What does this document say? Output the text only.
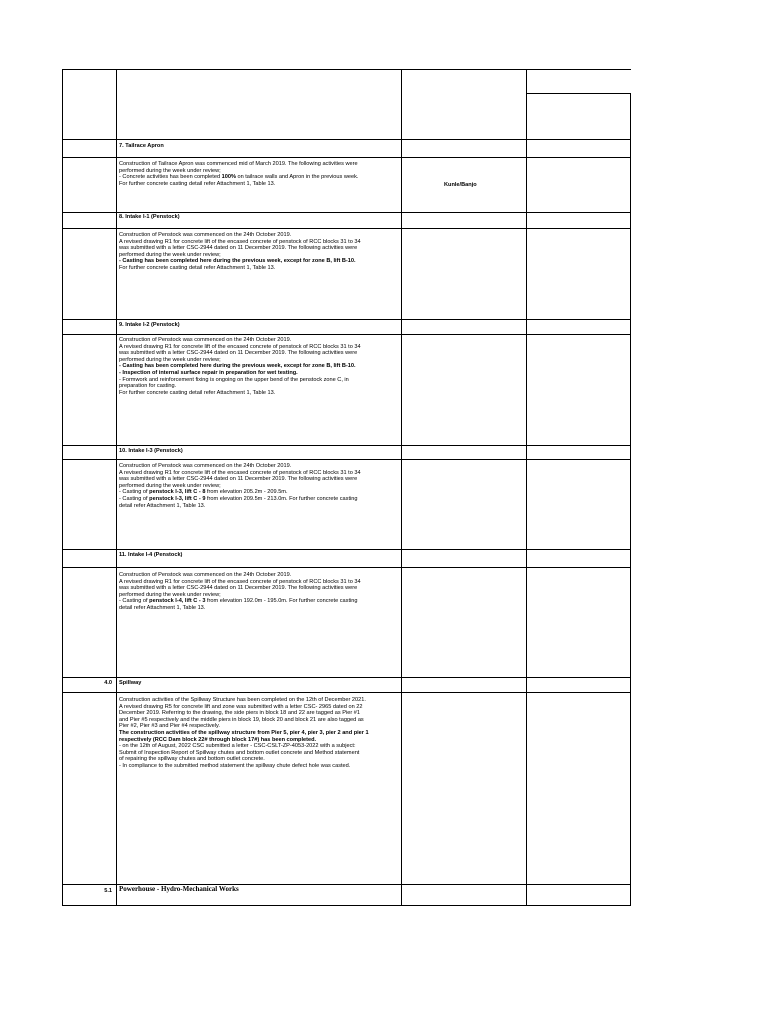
7. Tailrace Apron
Construction of Tailrace Apron was commenced mid of March 2019. The following activities were
performed during the week under review;
- Concrete activities has been completed 100% on tailrace walls and Apron in the previous week.
For further concrete casting detail refer Attachment 1, Table 13.	Kunle/Banjo
8. Intake I-1 (Penstock)
Construction of Penstock was commenced on the 24th October 2019.
A revised drawing R1 for concrete lift of the encased concrete of penstock of RCC blocks 31 to 34
was submitted with a letter CSC-2944 dated on 11 December 2019. The following activities were
performed during the week under review;
- Casting has been completed here during the previous week, except for zone B, lift B-10.
For further concrete casting detail refer Attachment 1, Table 13.
9. Intake I-2 (Penstock)
Construction of Penstock was commenced on the 24th October 2019.
A revised drawing R1 for concrete lift of the encased concrete of penstock of RCC blocks 31 to 34
was submitted with a letter CSC-2944 dated on 11 December 2019. The following activities were
performed during the week under review;
- Casting has been completed here during the previous week, except for zone B, lift B-10.
- Inspection of internal surface repair in preparation for wet testing.
- Formwork and reinforcement fixing is ongoing on the upper bend of the penstock zone C, in
preparation for casting.
For further concrete casting detail refer Attachment 1, Table 13.
10. Intake I-3 (Penstock)
Construction of Penstock was commenced on the 24th October 2019.
A revised drawing R1 for concrete lift of the encased concrete of penstock of RCC blocks 31 to 34
was submitted with a letter CSC-2944 dated on 11 December 2019. The following activities were
performed during the week under review;
- Casting of penstock I-3, lift C - 8 from elevation 205.2m - 209.5m.
- Casting of penstock I-3, lift C - 9 from elevation 209.5m - 213.0m. For further concrete casting
detail refer Attachment 1, Table 13.
11. Intake I-4 (Penstock)
Construction of Penstock was commenced on the 24th October 2019.
A revised drawing R1 for concrete lift of the encased concrete of penstock of RCC blocks 31 to 34
was submitted with a letter CSC-2944 dated on 11 December 2019. The following activities were
performed during the week under review;
- Casting of penstock I-4, lift C - 3 from elevation 192.0m - 195.0m. For further concrete casting
detail refer Attachment 1, Table 13.
4.0 Spillway
Construction activities of the Spillway Structure has been completed on the 12th of December 2021.
A revised drawing R5 for concrete lift and zone was submitted with a letter CSC- 2965 dated on 22
December 2019. Referring to the drawing, the side piers in block 18 and 22 are tagged as Pier #1
and Pier #5 respectively and the middle piers in block 19, block 20 and block 21 are also tagged as
Pier #2, Pier #3 and Pier #4 respectively.
The construction activities of the spillway structure from Pier 5, pier 4, pier 3, pier 2 and pier 1
respectively (RCC Dam block 22# through block 17#) has been completed.
- on the 12th of August, 2022 CSC submitted a letter - CSC-CSLT-ZP-4053-2022 with a subject:
Submit of Inspection Report of Spillway chutes and bottom outlet concrete and Method statement
of repairing the spillway chutes and bottom outlet concrete.
- In compliance to the submitted method statement the spillway chute defect hole was casted.
5.1 Powerhouse - Hydro-Mechanical Works
